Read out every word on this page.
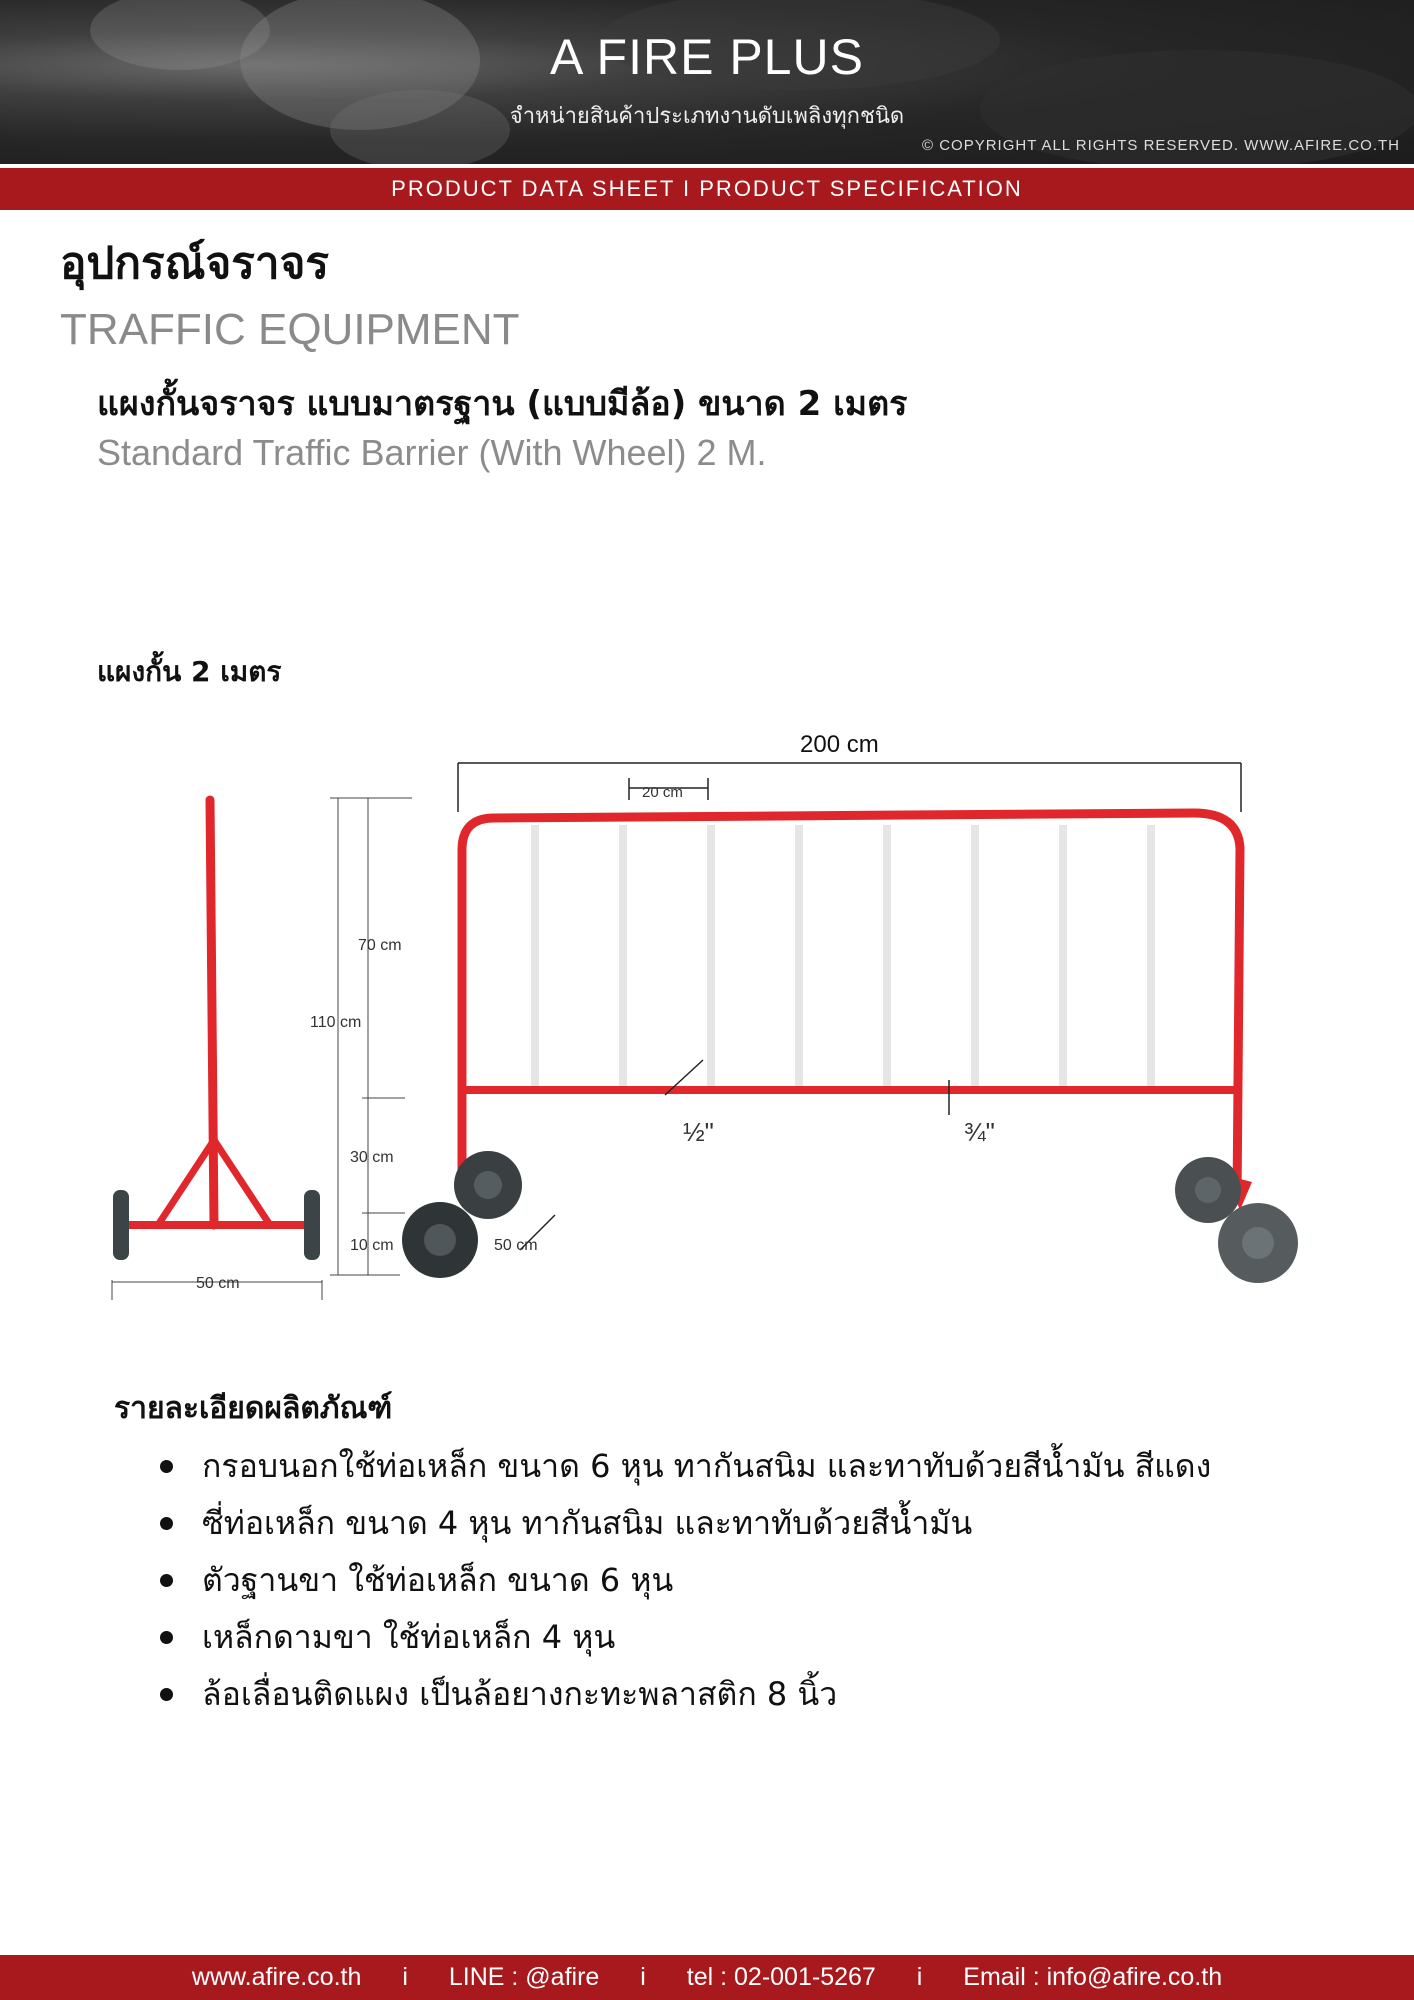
A FIRE PLUS
จำหน่ายสินค้าประเภทงานดับเพลิงทุกชนิด
© COPYRIGHT ALL RIGHTS RESERVED. WWW.AFIRE.CO.TH
PRODUCT DATA SHEET I PRODUCT SPECIFICATION
อุปกรณ์จราจร
TRAFFIC EQUIPMENT
แผงกั้นจราจร แบบมาตรฐาน (แบบมีล้อ) ขนาด 2 เมตร
Standard Traffic Barrier (With Wheel) 2 M.
แผงกั้น 2 เมตร
70 cm
110 cm
30 cm
10 cm
50 cm
200 cm
20 cm
½"	¾"
50 cm
รายละเอียดผลิตภัณฑ์
กรอบนอกใช้ท่อเหล็ก ขนาด 6 หุน ทากันสนิม และทาทับด้วยสีน้ำมัน สีแดง
ซี่ท่อเหล็ก ขนาด 4 หุน ทากันสนิม และทาทับด้วยสีน้ำมัน
ตัวฐานขา ใช้ท่อเหล็ก ขนาด 6 หุน
เหล็กดามขา ใช้ท่อเหล็ก 4 หุน
ล้อเลื่อนติดแผง เป็นล้อยางกะทะพลาสติก 8 นิ้ว
www.afire.co.th i LINE : @afire i tel : 02-001-5267 i Email : info@afire.co.th
